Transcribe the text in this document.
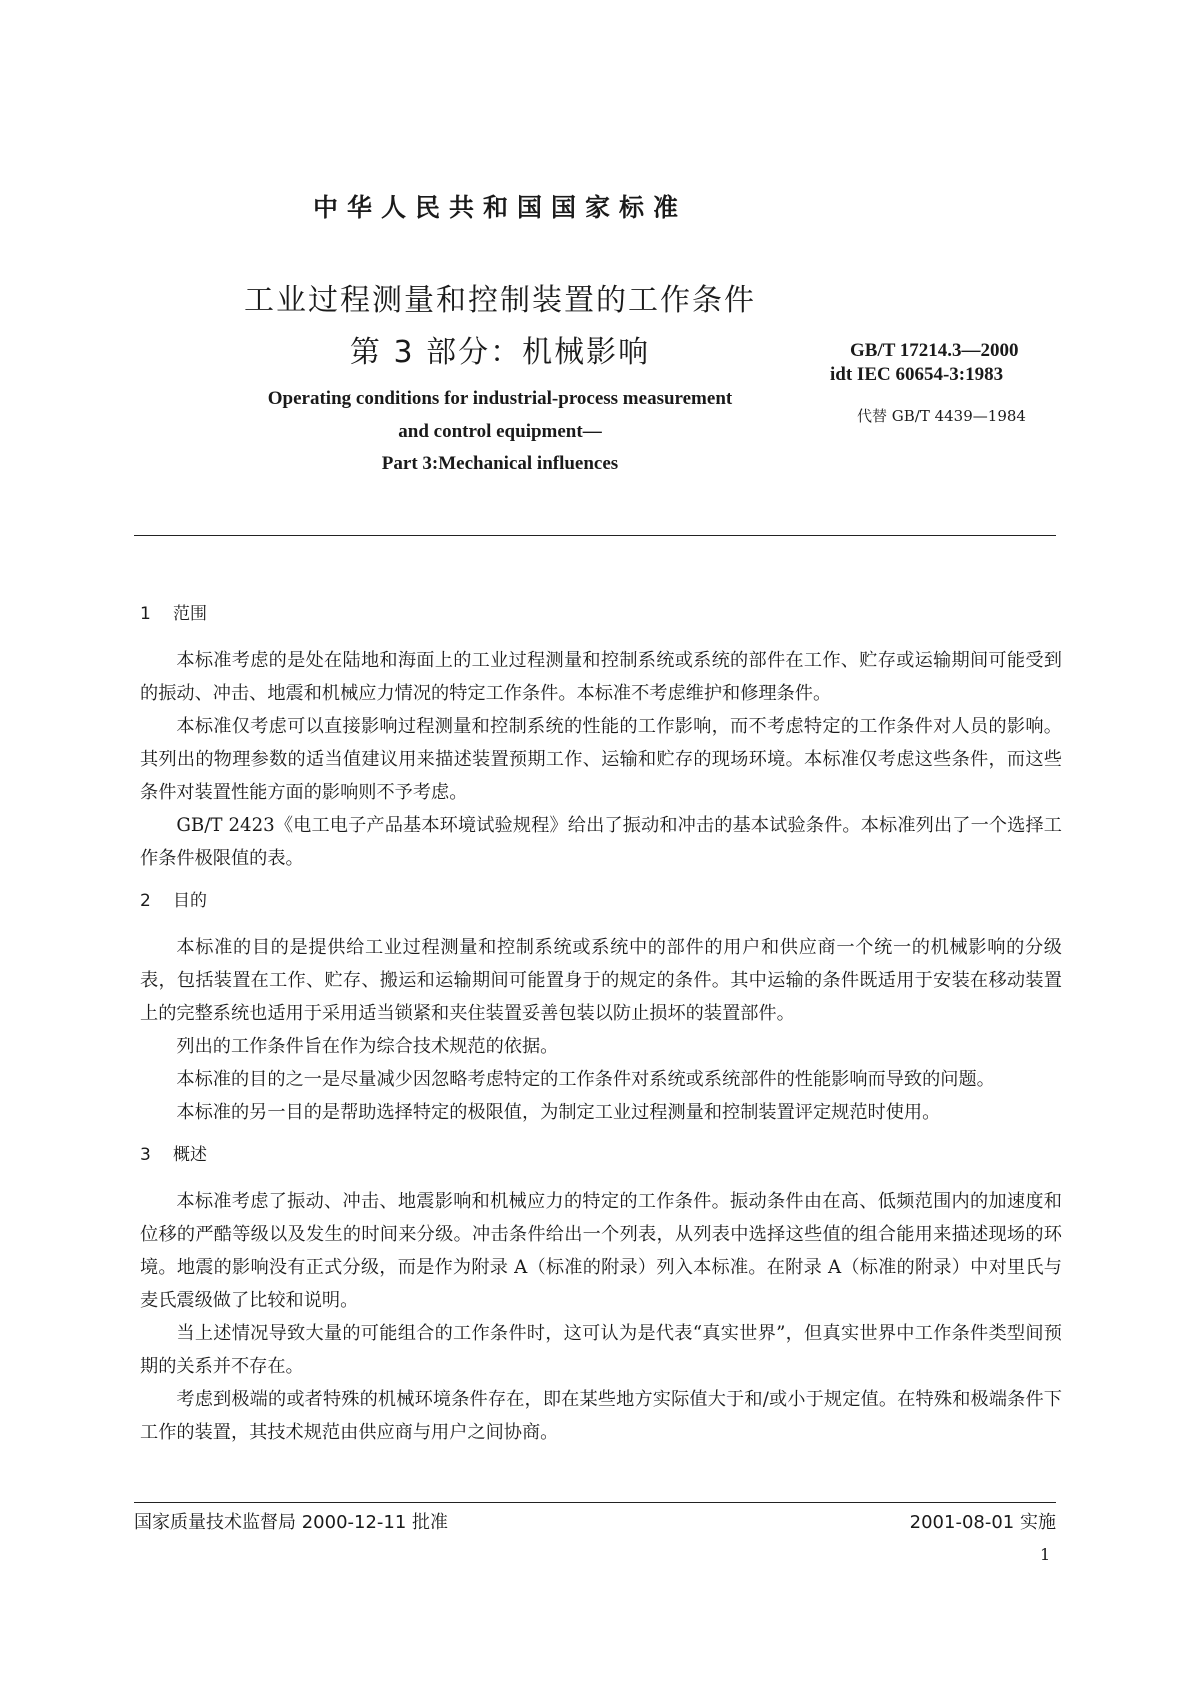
中华人民共和国国家标准
工业过程测量和控制装置的工作条件
第 3 部分：机械影响	GB/T 17214.3—2000
idt IEC 60654-3:1983
代替 GB/T 4439—1984
Operating conditions for industrial-process measurement
and control equipment—
Part 3:Mechanical influences
1 范围

本标准考虑的是处在陆地和海面上的工业过程测量和控制系统或系统的部件在工作、贮存或运输期间可能受到的振动、冲击、地震和机械应力情况的特定工作条件。本标准不考虑维护和修理条件。

本标准仅考虑可以直接影响过程测量和控制系统的性能的工作影响，而不考虑特定的工作条件对人员的影响。其列出的物理参数的适当值建议用来描述装置预期工作、运输和贮存的现场环境。本标准仅考虑这些条件，而这些条件对装置性能方面的影响则不予考虑。

GB/T 2423《电工电子产品基本环境试验规程》给出了振动和冲击的基本试验条件。本标准列出了一个选择工作条件极限值的表。

2 目的

本标准的目的是提供给工业过程测量和控制系统或系统中的部件的用户和供应商一个统一的机械影响的分级表，包括装置在工作、贮存、搬运和运输期间可能置身于的规定的条件。其中运输的条件既适用于安装在移动装置上的完整系统也适用于采用适当锁紧和夹住装置妥善包装以防止损坏的装置部件。

列出的工作条件旨在作为综合技术规范的依据。

本标准的目的之一是尽量减少因忽略考虑特定的工作条件对系统或系统部件的性能影响而导致的问题。

本标准的另一目的是帮助选择特定的极限值，为制定工业过程测量和控制装置评定规范时使用。

3 概述

本标准考虑了振动、冲击、地震影响和机械应力的特定的工作条件。振动条件由在高、低频范围内的加速度和位移的严酷等级以及发生的时间来分级。冲击条件给出一个列表，从列表中选择这些值的组合能用来描述现场的环境。地震的影响没有正式分级，而是作为附录 A（标准的附录）列入本标准。在附录 A（标准的附录）中对里氏与麦氏震级做了比较和说明。

当上述情况导致大量的可能组合的工作条件时，这可认为是代表“真实世界”，但真实世界中工作条件类型间预期的关系并不存在。

考虑到极端的或者特殊的机械环境条件存在，即在某些地方实际值大于和/或小于规定值。在特殊和极端条件下工作的装置，其技术规范由供应商与用户之间协商。

国家质量技术监督局 2000-12-11 批准	2001-08-01 实施
1
